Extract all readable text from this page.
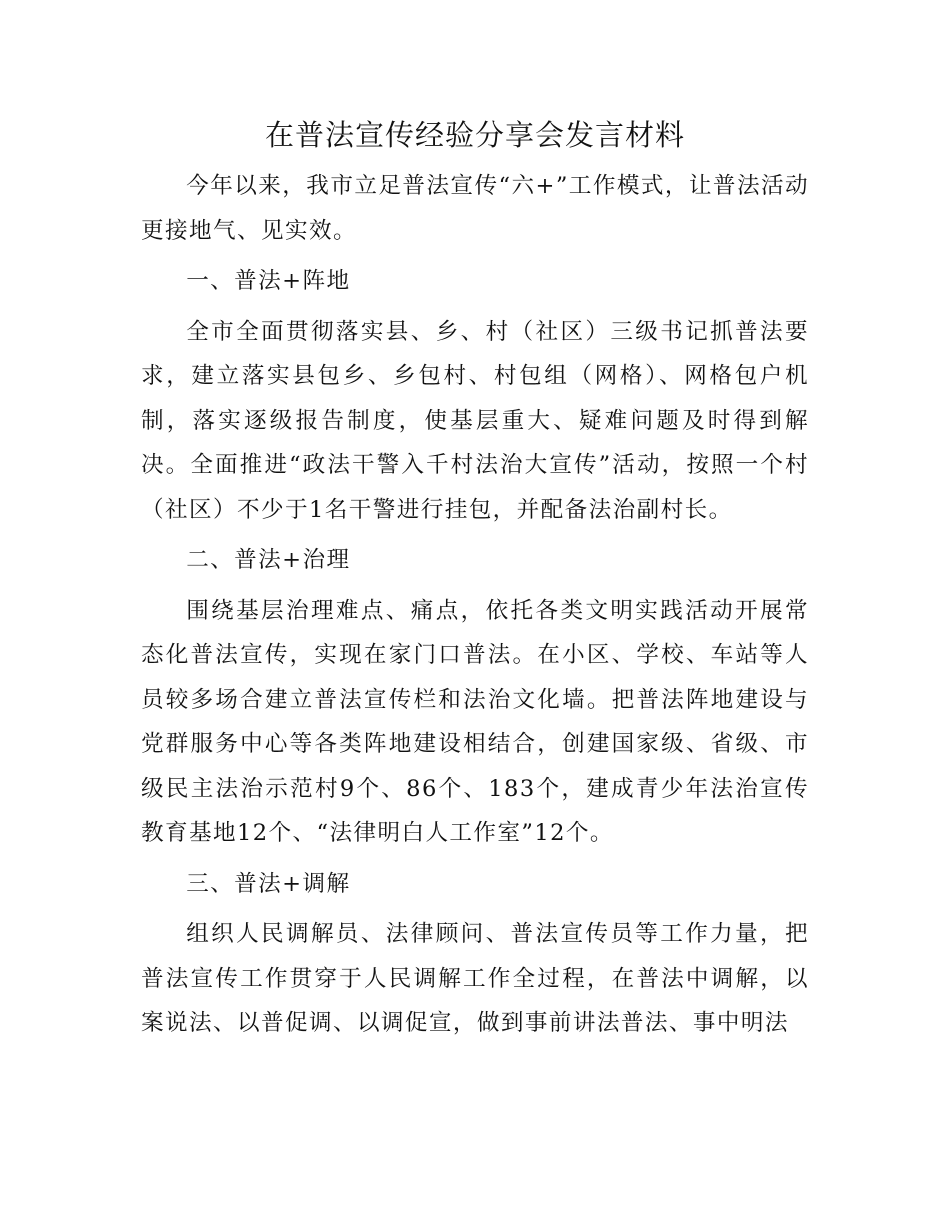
在普法宣传经验分享会发言材料

今年以来，我市立足普法宣传“六+”工作模式，让普法活动更接地气、见实效。

一、普法+阵地

全市全面贯彻落实县、乡、村（社区）三级书记抓普法要求，建立落实县包乡、乡包村、村包组（网格）、网格包户机制，落实逐级报告制度，使基层重大、疑难问题及时得到解决。全面推进“政法干警入千村法治大宣传”活动，按照一个村（社区）不少于1名干警进行挂包，并配备法治副村长。

二、普法+治理

围绕基层治理难点、痛点，依托各类文明实践活动开展常态化普法宣传，实现在家门口普法。在小区、学校、车站等人员较多场合建立普法宣传栏和法治文化墙。把普法阵地建设与党群服务中心等各类阵地建设相结合，创建国家级、省级、市级民主法治示范村9个、86个、183个，建成青少年法治宣传教育基地12个、“法律明白人工作室”12个。

三、普法+调解

组织人民调解员、法律顾问、普法宣传员等工作力量，把普法宣传工作贯穿于人民调解工作全过程，在普法中调解，以案说法、以普促调、以调促宣，做到事前讲法普法、事中明法
